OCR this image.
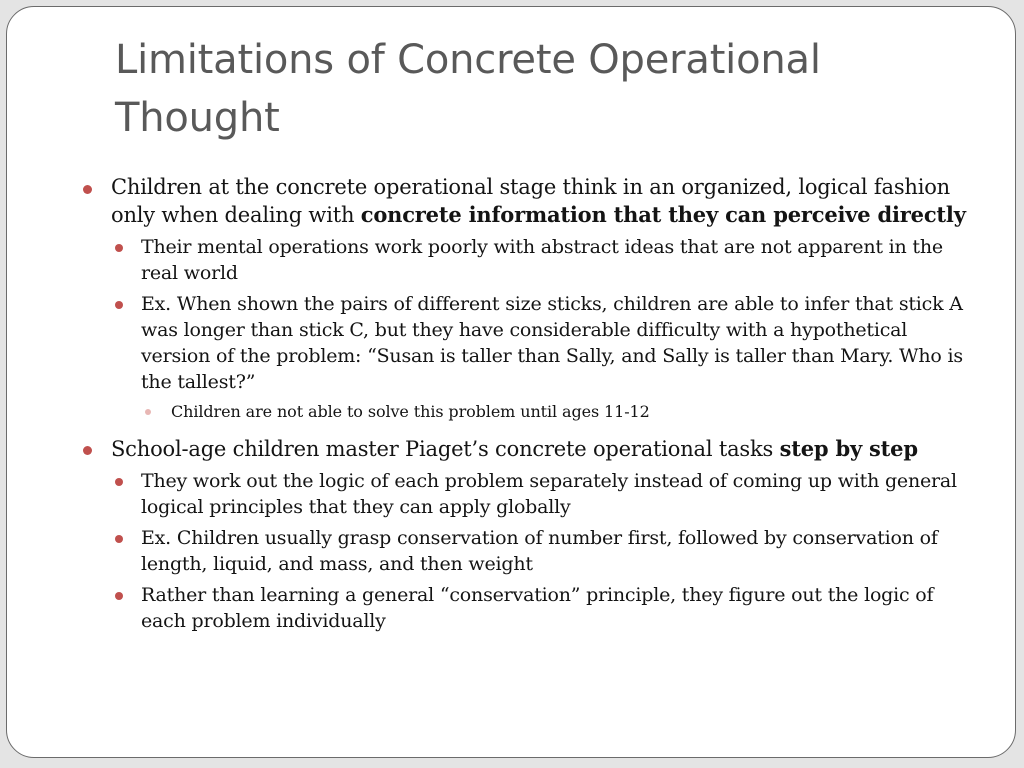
Limitations of Concrete Operational Thought
Children at the concrete operational stage think in an organized, logical fashion only when dealing with concrete information that they can perceive directly
Their mental operations work poorly with abstract ideas that are not apparent in the real world
Ex. When shown the pairs of different size sticks, children are able to infer that stick A was longer than stick C, but they have considerable difficulty with a hypothetical version of the problem: “Susan is taller than Sally, and Sally is taller than Mary. Who is the tallest?”
Children are not able to solve this problem until ages 11-12
School-age children master Piaget’s concrete operational tasks step by step
They work out the logic of each problem separately instead of coming up with general logical principles that they can apply globally
Ex. Children usually grasp conservation of number first, followed by conservation of length, liquid, and mass, and then weight
Rather than learning a general “conservation” principle, they figure out the logic of each problem individually
